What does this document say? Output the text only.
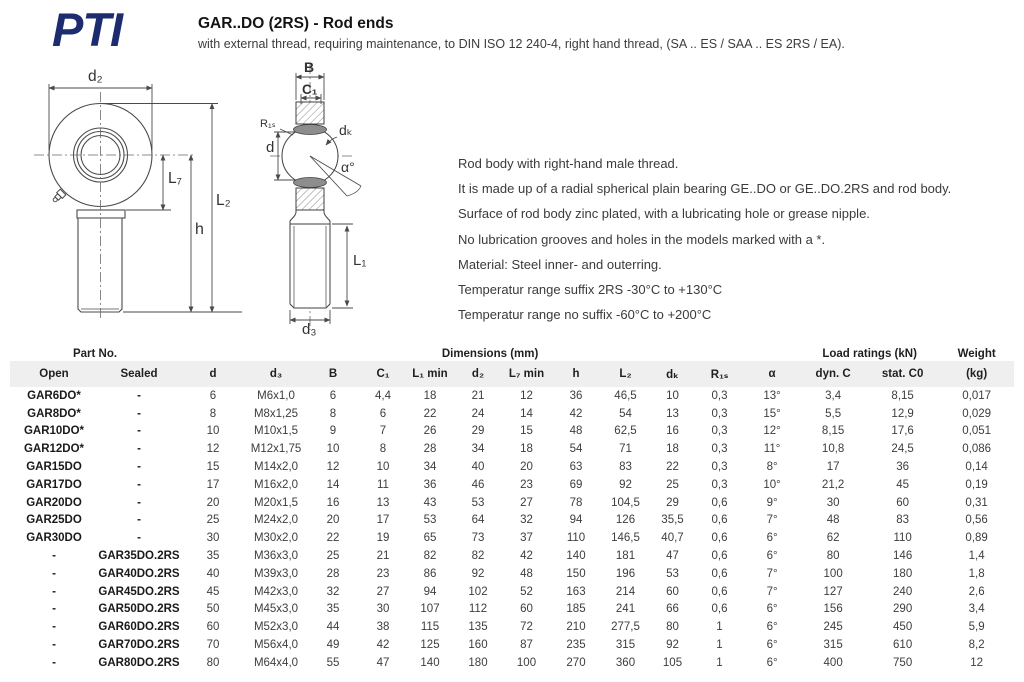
PTI	GAR..DO (2RS) - Rod ends
with external thread, requiring maintenance, to DIN ISO 12 240-4, right hand thread, (SA .. ES / SAA .. ES 2RS / EA).
d₂
L₇
L₂
h
B
C₁
R₁ₛ
d
dₖ
α°
L₁
d₃

Rod body with right-hand male thread.

It is made up of a radial spherical plain bearing GE..DO or GE..DO.2RS and rod body.

Surface of rod body zinc plated, with a lubricating hole or grease nipple.

No lubrication grooves and holes in the models marked with a *.

Material: Steel inner- and outerring.

Temperatur range suffix 2RS -30°C to +130°C

Temperatur range no suffix -60°C to +200°C

Part No.		Dimensions (mm)												Load ratings (kN)		Weight
Open	Sealed	d	d₃	B	C₁	L₁ min	d₂	L₇ min	h	L₂	dₖ	R₁ₛ	α	dyn. C	stat. C0	(kg)
GAR6DO*	-	6	M6x1,0	6	4,4	18	21	12	36	46,5	10	0,3	13°	3,4	8,15	0,017
GAR8DO*	-	8	M8x1,25	8	6	22	24	14	42	54	13	0,3	15°	5,5	12,9	0,029
GAR10DO*	-	10	M10x1,5	9	7	26	29	15	48	62,5	16	0,3	12°	8,15	17,6	0,051
GAR12DO*	-	12	M12x1,75	10	8	28	34	18	54	71	18	0,3	11°	10,8	24,5	0,086
GAR15DO	-	15	M14x2,0	12	10	34	40	20	63	83	22	0,3	8°	17	36	0,14
GAR17DO	-	17	M16x2,0	14	11	36	46	23	69	92	25	0,3	10°	21,2	45	0,19
GAR20DO	-	20	M20x1,5	16	13	43	53	27	78	104,5	29	0,6	9°	30	60	0,31
GAR25DO	-	25	M24x2,0	20	17	53	64	32	94	126	35,5	0,6	7°	48	83	0,56
GAR30DO	-	30	M30x2,0	22	19	65	73	37	110	146,5	40,7	0,6	6°	62	110	0,89
-	GAR35DO.2RS	35	M36x3,0	25	21	82	82	42	140	181	47	0,6	6°	80	146	1,4
-	GAR40DO.2RS	40	M39x3,0	28	23	86	92	48	150	196	53	0,6	7°	100	180	1,8
-	GAR45DO.2RS	45	M42x3,0	32	27	94	102	52	163	214	60	0,6	7°	127	240	2,6
-	GAR50DO.2RS	50	M45x3,0	35	30	107	112	60	185	241	66	0,6	6°	156	290	3,4
-	GAR60DO.2RS	60	M52x3,0	44	38	115	135	72	210	277,5	80	1	6°	245	450	5,9
-	GAR70DO.2RS	70	M56x4,0	49	42	125	160	87	235	315	92	1	6°	315	610	8,2
-	GAR80DO.2RS	80	M64x4,0	55	47	140	180	100	270	360	105	1	6°	400	750	12
